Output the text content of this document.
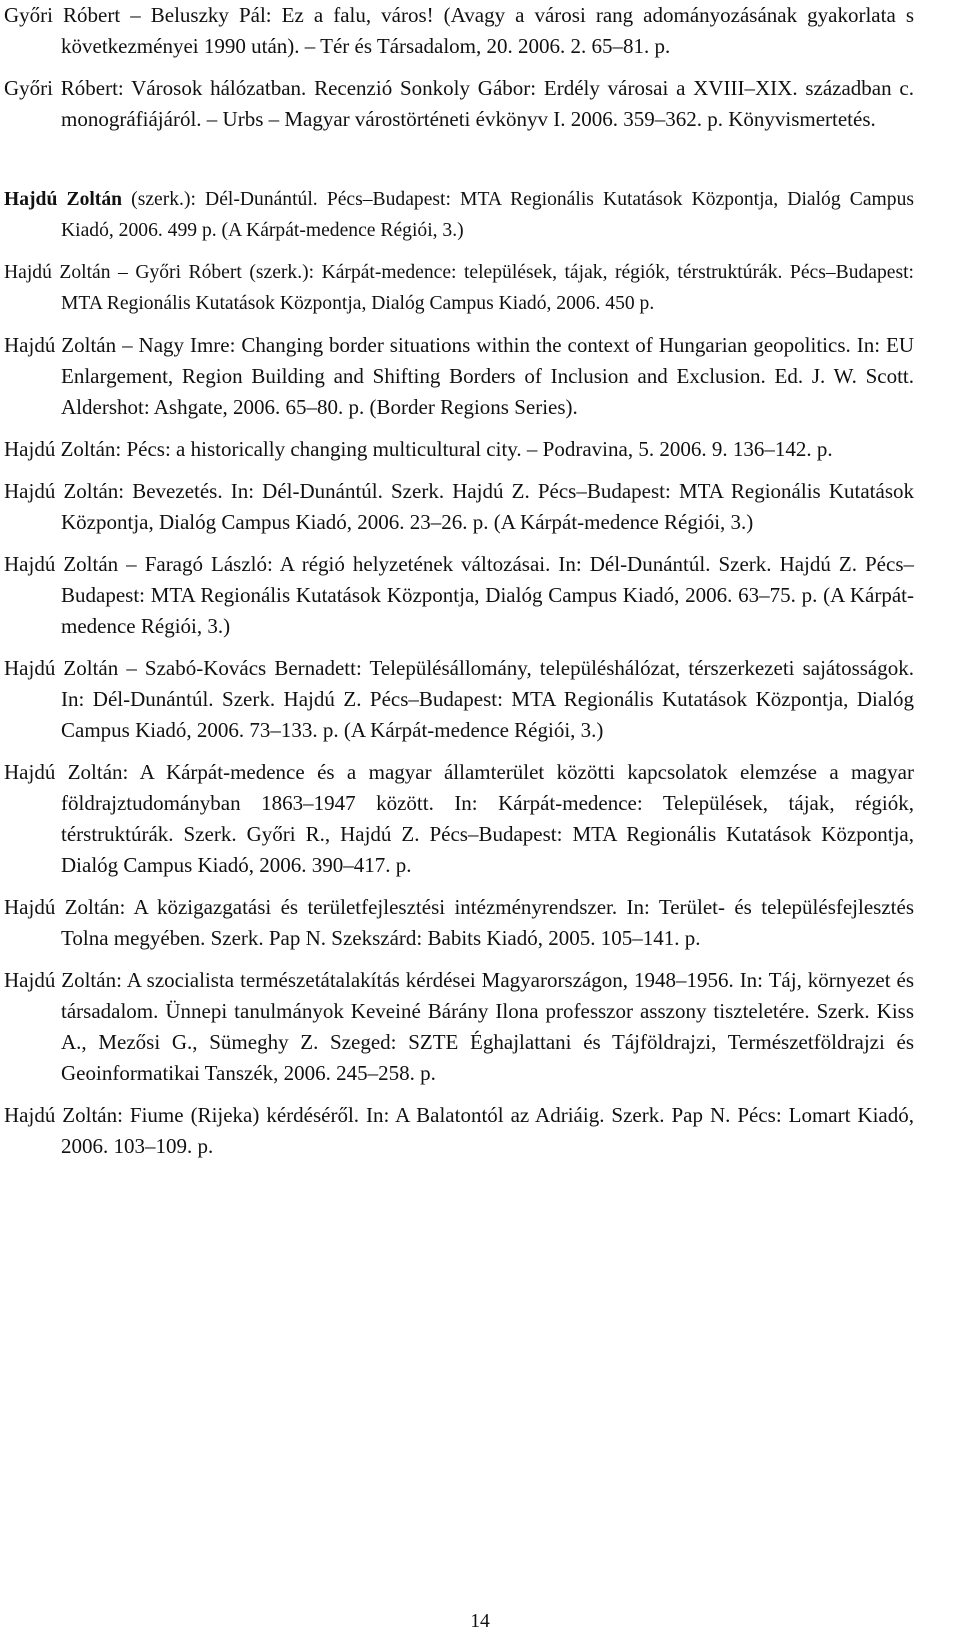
Győri Róbert – Beluszky Pál: Ez a falu, város! (Avagy a városi rang adományozásának gyakorlata s következményei 1990 után). – Tér és Társadalom, 20. 2006. 2. 65–81. p.

Győri Róbert: Városok hálózatban. Recenzió Sonkoly Gábor: Erdély városai a XVIII–XIX. században c. monográfiájáról. – Urbs – Magyar várostörténeti évkönyv I. 2006. 359–362. p. Könyvismertetés.

Hajdú Zoltán (szerk.): Dél-Dunántúl. Pécs–Budapest: MTA Regionális Kutatások Központja, Dialóg Campus Kiadó, 2006. 499 p. (A Kárpát-medence Régiói, 3.)

Hajdú Zoltán – Győri Róbert (szerk.): Kárpát-medence: települések, tájak, régiók, térstruktúrák. Pécs–Budapest: MTA Regionális Kutatások Központja, Dialóg Campus Kiadó, 2006. 450 p.

Hajdú Zoltán – Nagy Imre: Changing border situations within the context of Hungarian geopolitics. In: EU Enlargement, Region Building and Shifting Borders of Inclusion and Exclusion. Ed. J. W. Scott. Aldershot: Ashgate, 2006. 65–80. p. (Border Regions Series).

Hajdú Zoltán: Pécs: a historically changing multicultural city. – Podravina, 5. 2006. 9. 136–142. p.

Hajdú Zoltán: Bevezetés. In: Dél-Dunántúl. Szerk. Hajdú Z. Pécs–Budapest: MTA Regionális Kutatások Központja, Dialóg Campus Kiadó, 2006. 23–26. p. (A Kárpát-medence Régiói, 3.)

Hajdú Zoltán – Faragó László: A régió helyzetének változásai. In: Dél-Dunántúl. Szerk. Hajdú Z. Pécs–Budapest: MTA Regionális Kutatások Központja, Dialóg Campus Kiadó, 2006. 63–75. p. (A Kárpát-medence Régiói, 3.)

Hajdú Zoltán – Szabó-Kovács Bernadett: Településállomány, településhálózat, térszerkezeti sajátosságok. In: Dél-Dunántúl. Szerk. Hajdú Z. Pécs–Budapest: MTA Regionális Kutatások Központja, Dialóg Campus Kiadó, 2006. 73–133. p. (A Kárpát-medence Régiói, 3.)

Hajdú Zoltán: A Kárpát-medence és a magyar államterület közötti kapcsolatok elemzése a magyar földrajztudományban 1863–1947 között. In: Kárpát-medence: Települések, tájak, régiók, térstruktúrák. Szerk. Győri R., Hajdú Z. Pécs–Budapest: MTA Regionális Kutatások Központja, Dialóg Campus Kiadó, 2006. 390–417. p.

Hajdú Zoltán: A közigazgatási és területfejlesztési intézményrendszer. In: Terület- és településfejlesztés Tolna megyében. Szerk. Pap N. Szekszárd: Babits Kiadó, 2005. 105–141. p.

Hajdú Zoltán: A szocialista természetátalakítás kérdései Magyarországon, 1948–1956. In: Táj, környezet és társadalom. Ünnepi tanulmányok Keveiné Bárány Ilona professzor asszony tiszteletére. Szerk. Kiss A., Mezősi G., Sümeghy Z. Szeged: SZTE Éghajlattani és Tájföldrajzi, Természetföldrajzi és Geoinformatikai Tanszék, 2006. 245–258. p.

Hajdú Zoltán: Fiume (Rijeka) kérdéséről. In: A Balatontól az Adriáig. Szerk. Pap N. Pécs: Lomart Kiadó, 2006. 103–109. p.

14
